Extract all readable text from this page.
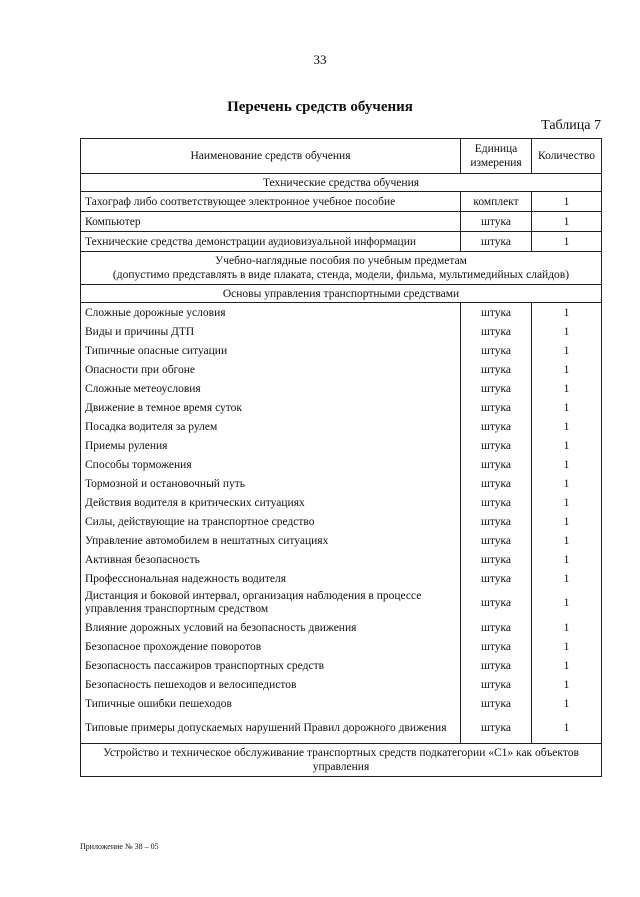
33
Перечень средств обучения
Таблица 7
Наименование средств обучения	Единица измерения	Количество
Технические средства обучения		
Тахограф либо соответствующее электронное учебное пособие	комплект	1
Компьютер	штука	1
Технические средства демонстрации аудиовизуальной информации	штука	1

Учебно-наглядные пособия по учебным предметам
(допустимо представлять в виде плаката, стенда, модели, фильма, мультимедийных слайдов)		

Основы управления транспортными средствами		
Сложные дорожные условия	штука	1
Виды и причины ДТП	штука	1
Типичные опасные ситуации	штука	1
Опасности при обгоне	штука	1
Сложные метеоусловия	штука	1
Движение в темное время суток	штука	1
Посадка водителя за рулем	штука	1
Приемы руления	штука	1
Способы торможения	штука	1
Тормозной и остановочный путь	штука	1
Действия водителя в критических ситуациях	штука	1
Силы, действующие на транспортное средство	штука	1
Управление автомобилем в нештатных ситуациях	штука	1
Активная безопасность	штука	1
Профессиональная надежность водителя	штука	1
Дистанция и боковой интервал, организация наблюдения в процессе управления транспортным средством	штука	1
Влияние дорожных условий на безопасность движения	штука	1
Безопасное прохождение поворотов	штука	1
Безопасность пассажиров транспортных средств	штука	1
Безопасность пешеходов и велосипедистов	штука	1
Типичные ошибки пешеходов	штука	1
Типовые примеры допускаемых нарушений Правил дорожного движения	штука	1

Устройство и техническое обслуживание транспортных средств подкатегории «C1» как объектов
управления		
Приложение № 38 – 05
